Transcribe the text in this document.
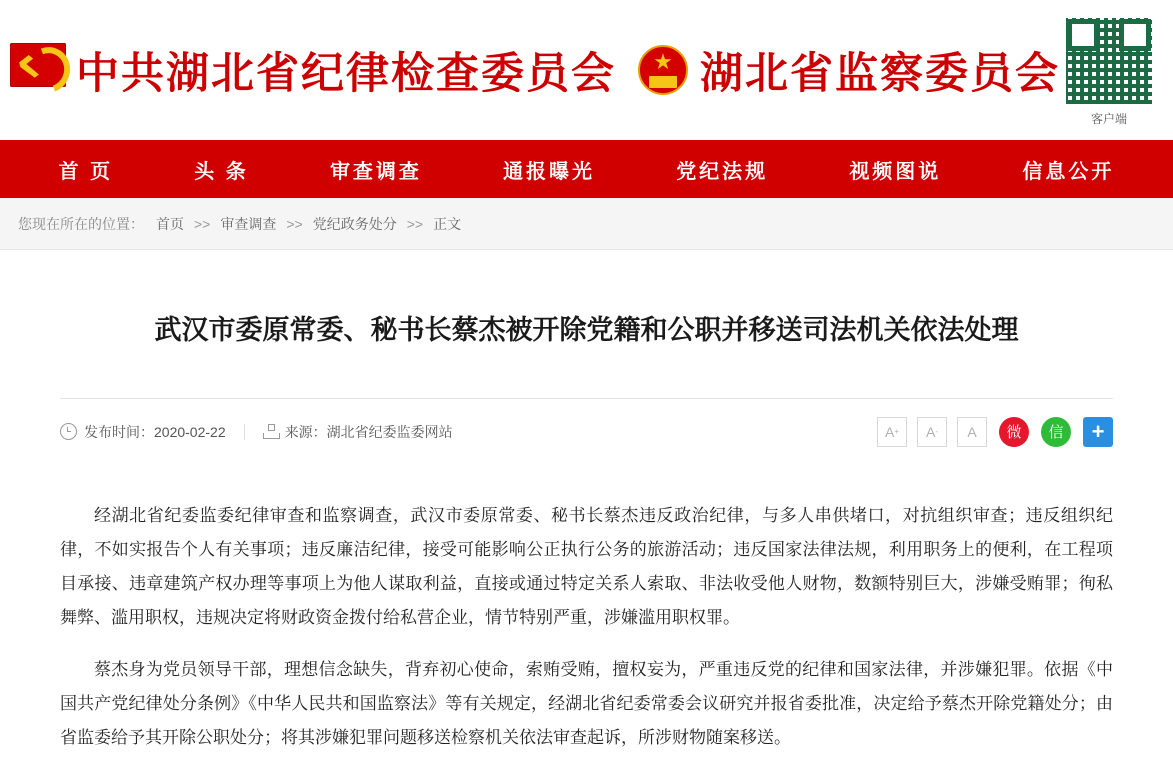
中共湖北省纪律检查委员会 ★ 湖北省监察委员会
客户端
首 页	头 条	审查调查	通报曝光	党纪法规	视频图说	信息公开
您现在所在的位置： 首页 >> 审查调查 >> 党纪政务处分 >> 正文
武汉市委原常委、秘书长蔡杰被开除党籍和公职并移送司法机关依法处理
发布时间：2020-02-22	来源：湖北省纪委监委网站	A + A - A	微	信	+

经湖北省纪委监委纪律审查和监察调查，武汉市委原常委、秘书长蔡杰违反政治纪律，与多人串供堵口，对抗组织审查；违反组织纪律，不如实报告个人有关事项；违反廉洁纪律，接受可能影响公正执行公务的旅游活动；违反国家法律法规，利用职务上的便利，在工程项目承接、违章建筑产权办理等事项上为他人谋取利益，直接或通过特定关系人索取、非法收受他人财物，数额特别巨大，涉嫌受贿罪；徇私舞弊、滥用职权，违规决定将财政资金拨付给私营企业，情节特别严重，涉嫌滥用职权罪。

蔡杰身为党员领导干部，理想信念缺失，背弃初心使命，索贿受贿，擅权妄为，严重违反党的纪律和国家法律，并涉嫌犯罪。依据《中国共产党纪律处分条例》《中华人民共和国监察法》等有关规定，经湖北省纪委常委会议研究并报省委批准，决定给予蔡杰开除党籍处分；由省监委给予其开除公职处分；将其涉嫌犯罪问题移送检察机关依法审查起诉，所涉财物随案移送。
